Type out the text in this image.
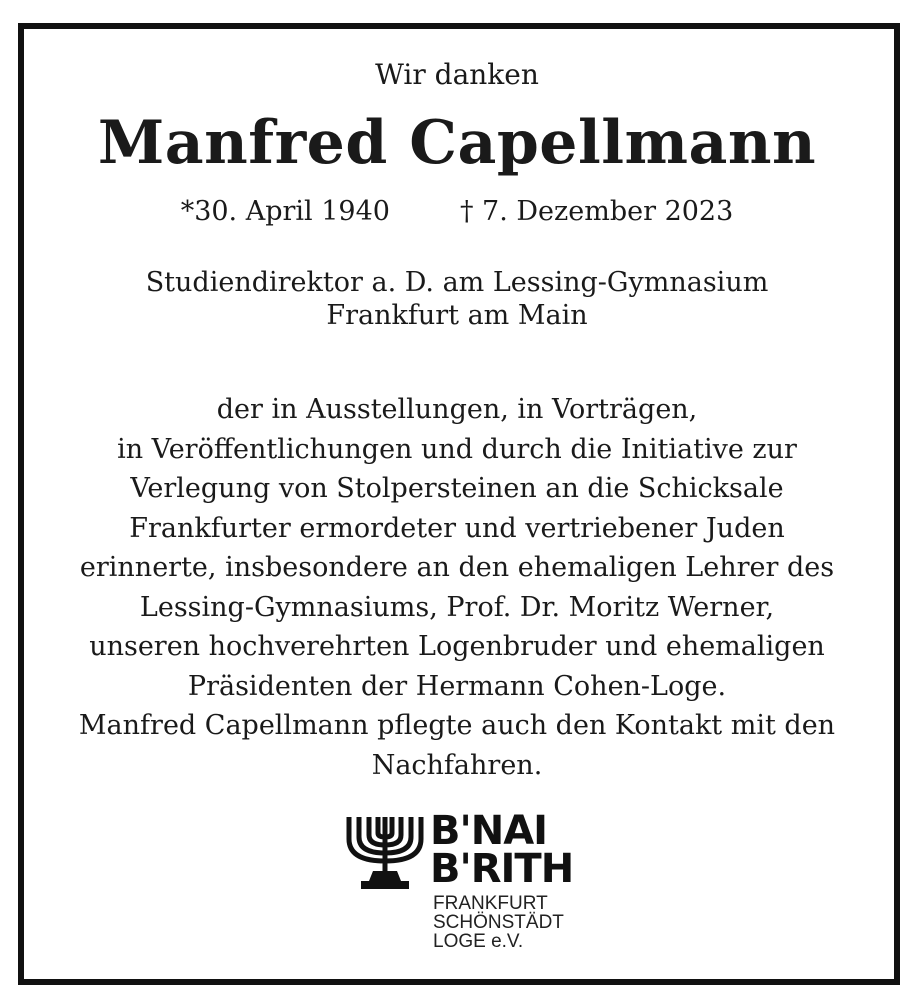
Wir danken
Manfred Capellmann
*30. April 1940	† 7. Dezember 2023
Studiendirektor a. D. am Lessing-Gymnasium
Frankfurt am Main
der in Ausstellungen, in Vorträgen,
in Veröffentlichungen und durch die Initiative zur
Verlegung von Stolpersteinen an die Schicksale
Frankfurter ermordeter und vertriebener Juden
erinnerte, insbesondere an den ehemaligen Lehrer des
Lessing-Gymnasiums, Prof. Dr. Moritz Werner,
unseren hochverehrten Logenbruder und ehemaligen
Präsidenten der Hermann Cohen-Loge.
Manfred Capellmann pflegte auch den Kontakt mit den
Nachfahren.
B'NAI
B'RITH
FRANKFURT
SCHÖNSTÄDT
LOGE e.V.
